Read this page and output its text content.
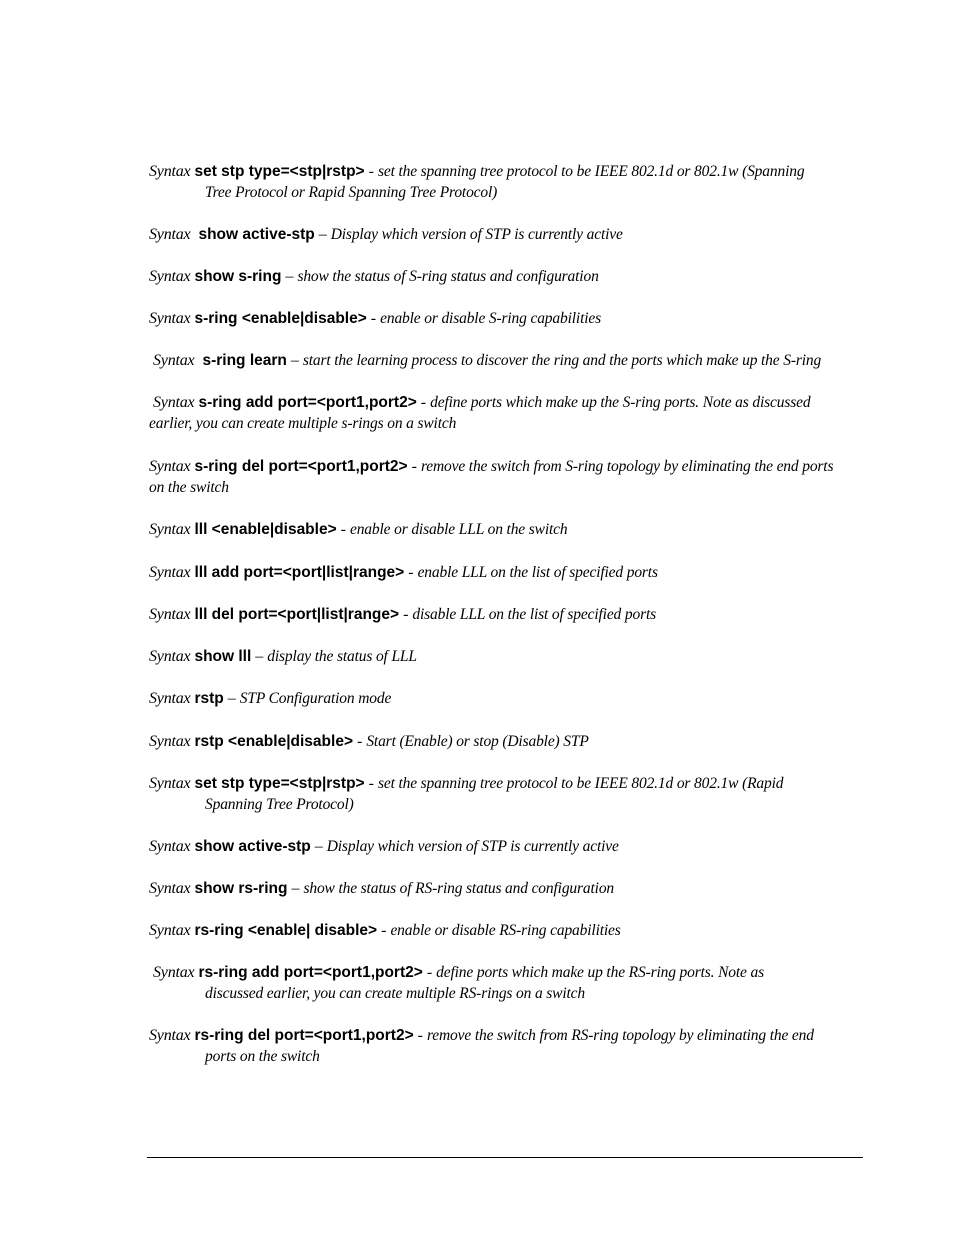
Syntax set stp type=<stp|rstp> - set the spanning tree protocol to be IEEE 802.1d or 802.1w (Spanning
Tree Protocol or Rapid Spanning Tree Protocol)
Syntax show active-stp – Display which version of STP is currently active
Syntax show s-ring – show the status of S-ring status and configuration
Syntax s-ring <enable|disable> - enable or disable S-ring capabilities
Syntax s-ring learn – start the learning process to discover the ring and the ports which make up the S-ring
Syntax s-ring add port=<port1,port2> - define ports which make up the S-ring ports. Note as discussed
earlier, you can create multiple s-rings on a switch
Syntax s-ring del port=<port1,port2> - remove the switch from S-ring topology by eliminating the end ports
on the switch
Syntax lll <enable|disable> - enable or disable LLL on the switch
Syntax lll add port=<port|list|range> - enable LLL on the list of specified ports
Syntax lll del port=<port|list|range> - disable LLL on the list of specified ports
Syntax show lll – display the status of LLL
Syntax rstp – STP Configuration mode
Syntax rstp <enable|disable> - Start (Enable) or stop (Disable) STP
Syntax set stp type=<stp|rstp> - set the spanning tree protocol to be IEEE 802.1d or 802.1w (Rapid
Spanning Tree Protocol)
Syntax show active-stp – Display which version of STP is currently active
Syntax show rs-ring – show the status of RS-ring status and configuration
Syntax rs-ring <enable| disable> - enable or disable RS-ring capabilities
Syntax rs-ring add port=<port1,port2> - define ports which make up the RS-ring ports. Note as
discussed earlier, you can create multiple RS-rings on a switch
Syntax rs-ring del port=<port1,port2> - remove the switch from RS-ring topology by eliminating the end
ports on the switch
